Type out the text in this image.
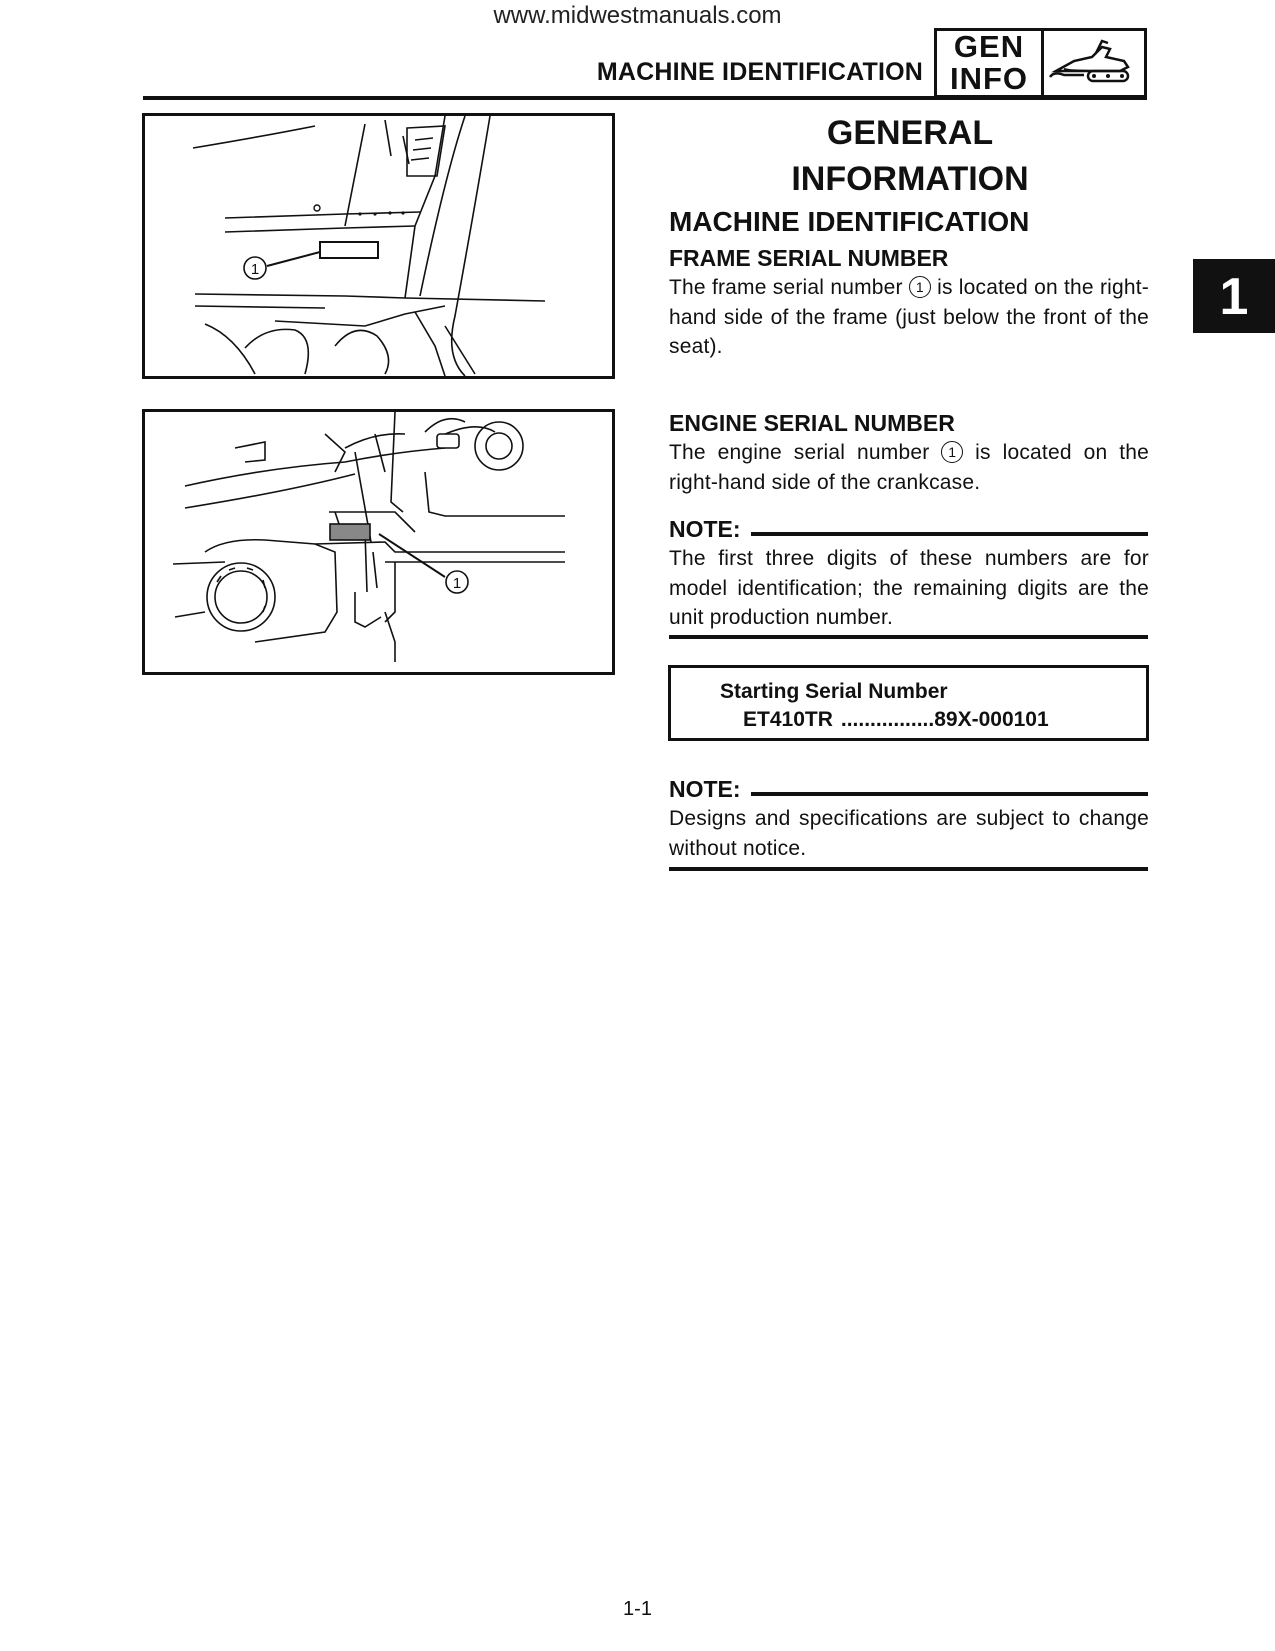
www.midwestmanuals.com
MACHINE IDENTIFICATION
GEN
INFO
1
1
GENERAL
INFORMATION
MACHINE IDENTIFICATION
FRAME SERIAL NUMBER
The frame serial number 1 is located on the right-hand side of the frame (just below the front of the seat).
ENGINE SERIAL NUMBER
The engine serial number 1 is located on the right-hand side of the crankcase.
NOTE:
The first three digits of these numbers are for model identification; the remaining digits are the unit production number.
Starting Serial Number
ET410TR ................ 89X-000101
NOTE:
Designs and specifications are subject to change without notice.
1
1-1
